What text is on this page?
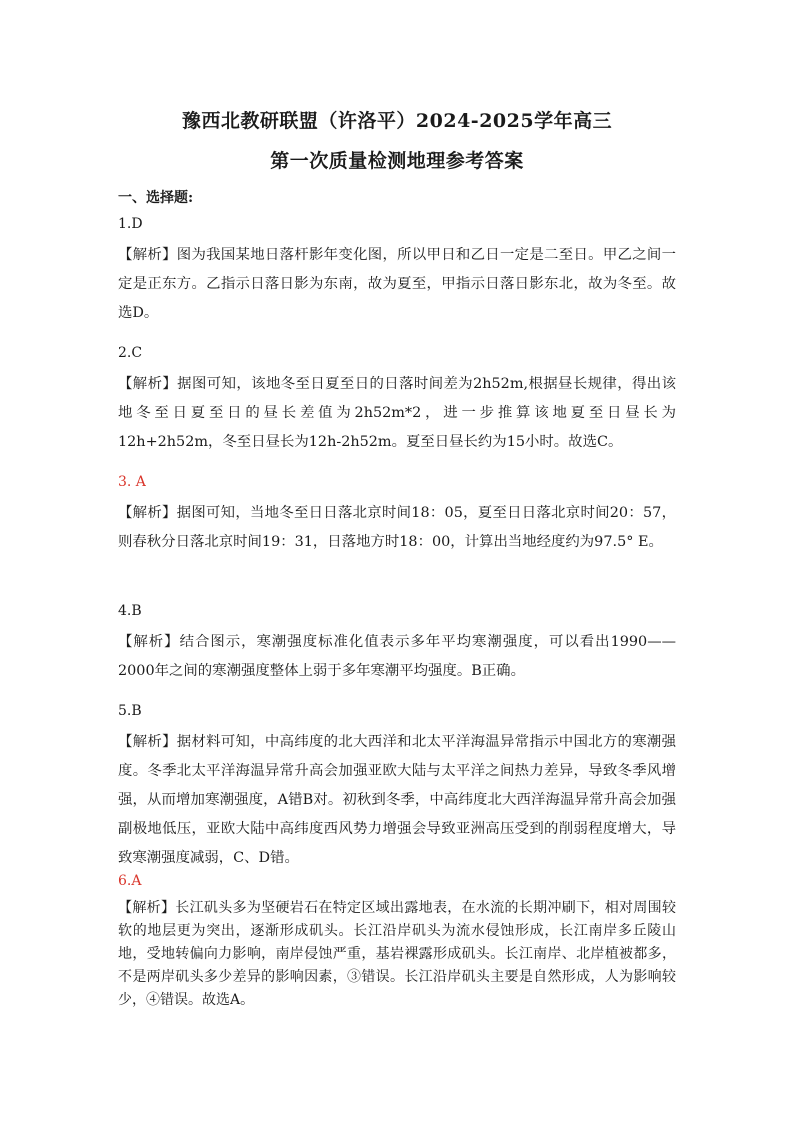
豫西北教研联盟（许洛平）2024-2025学年高三
第一次质量检测地理参考答案
一、选择题:
1.D
【解析】图为我国某地日落杆影年变化图，所以甲日和乙日一定是二至日。甲乙之间一定是正东方。乙指示日落日影为东南，故为夏至，甲指示日落日影东北，故为冬至。故选D。
2.C
【解析】据图可知，该地冬至日夏至日的日落时间差为2h52m,根据昼长规律，得出该地冬至日夏至日的昼长差值为2h52m*2，进一步推算该地夏至日昼长为12h+2h52m，冬至日昼长为12h-2h52m。夏至日昼长约为15小时。故选C。
3. A
【解析】据图可知，当地冬至日日落北京时间18：05，夏至日日落北京时间20：57，则春秋分日落北京时间19：31，日落地方时18：00，计算出当地经度约为97.5° E。
4.B
【解析】结合图示，寒潮强度标准化值表示多年平均寒潮强度，可以看出1990——2000年之间的寒潮强度整体上弱于多年寒潮平均强度。B正确。
5.B
【解析】据材料可知，中高纬度的北大西洋和北太平洋海温异常指示中国北方的寒潮强度。冬季北太平洋海温异常升高会加强亚欧大陆与太平洋之间热力差异，导致冬季风增强，从而增加寒潮强度，A错B对。初秋到冬季，中高纬度北大西洋海温异常升高会加强副极地低压，亚欧大陆中高纬度西风势力增强会导致亚洲高压受到的削弱程度增大，导致寒潮强度减弱，C、D错。
6.A
【解析】长江矶头多为坚硬岩石在特定区域出露地表，在水流的长期冲刷下，相对周围较软的地层更为突出，逐渐形成矶头。长江沿岸矶头为流水侵蚀形成，长江南岸多丘陵山地，受地转偏向力影响，南岸侵蚀严重，基岩裸露形成矶头。长江南岸、北岸植被都多，不是两岸矶头多少差异的影响因素，③错误。长江沿岸矶头主要是自然形成，人为影响较少，④错误。故选A。
